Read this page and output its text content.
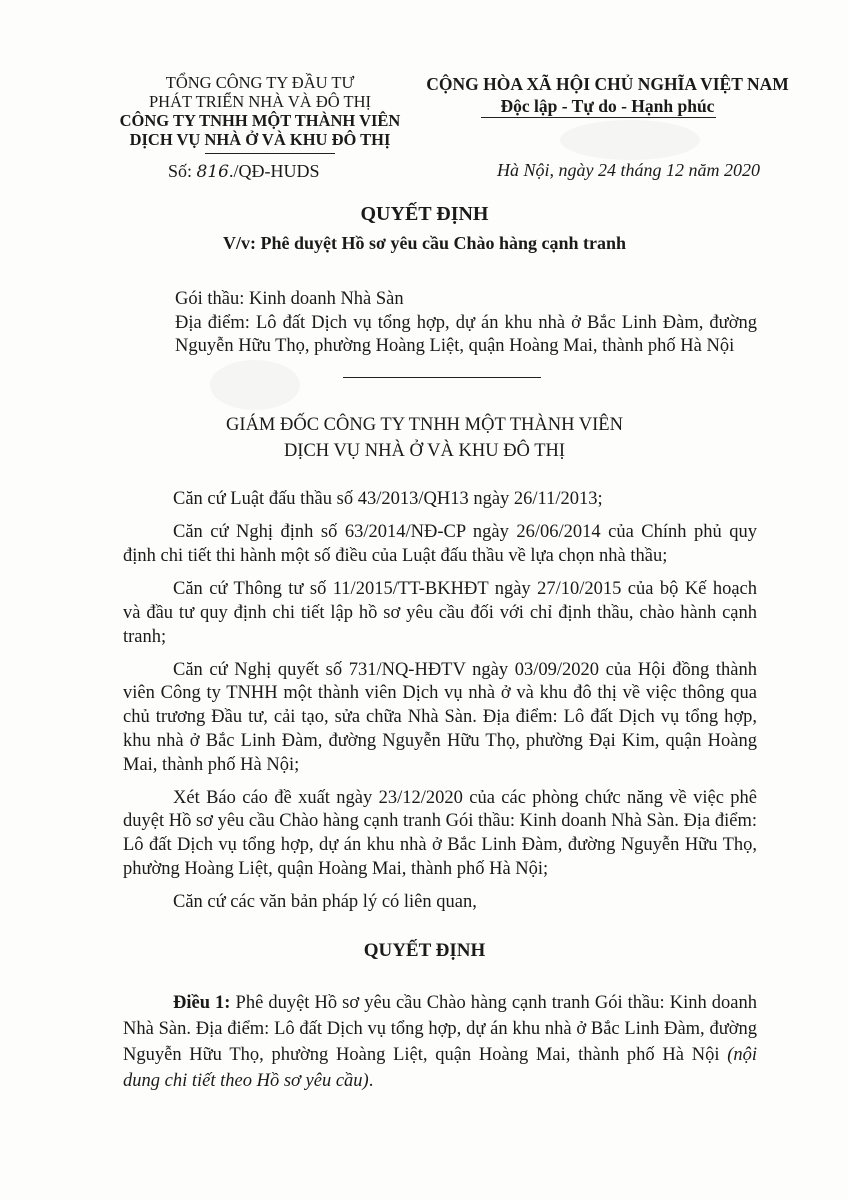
TỔNG CÔNG TY ĐẦU TƯ
PHÁT TRIỂN NHÀ VÀ ĐÔ THỊ
CÔNG TY TNHH MỘT THÀNH VIÊN
DỊCH VỤ NHÀ Ở VÀ KHU ĐÔ THỊ
CỘNG HÒA XÃ HỘI CHỦ NGHĨA VIỆT NAM
Độc lập - Tự do - Hạnh phúc
Số: 816./QĐ-HUDS	Hà Nội, ngày 24 tháng 12 năm 2020
QUYẾT ĐỊNH
V/v: Phê duyệt Hồ sơ yêu cầu Chào hàng cạnh tranh
Gói thầu: Kinh doanh Nhà Sàn
Địa điểm: Lô đất Dịch vụ tổng hợp, dự án khu nhà ở Bắc Linh Đàm, đường Nguyễn Hữu Thọ, phường Hoàng Liệt, quận Hoàng Mai, thành phố Hà Nội
GIÁM ĐỐC CÔNG TY TNHH MỘT THÀNH VIÊN
DỊCH VỤ NHÀ Ở VÀ KHU ĐÔ THỊ

Căn cứ Luật đấu thầu số 43/2013/QH13 ngày 26/11/2013;

Căn cứ Nghị định số 63/2014/NĐ-CP ngày 26/06/2014 của Chính phủ quy định chi tiết thi hành một số điều của Luật đấu thầu về lựa chọn nhà thầu;

Căn cứ Thông tư số 11/2015/TT-BKHĐT ngày 27/10/2015 của bộ Kế hoạch và đầu tư quy định chi tiết lập hồ sơ yêu cầu đối với chỉ định thầu, chào hành cạnh tranh;

Căn cứ Nghị quyết số 731/NQ-HĐTV ngày 03/09/2020 của Hội đồng thành viên Công ty TNHH một thành viên Dịch vụ nhà ở và khu đô thị về việc thông qua chủ trương Đầu tư, cải tạo, sửa chữa Nhà Sàn. Địa điểm: Lô đất Dịch vụ tổng hợp, khu nhà ở Bắc Linh Đàm, đường Nguyễn Hữu Thọ, phường Đại Kim, quận Hoàng Mai, thành phố Hà Nội;

Xét Báo cáo đề xuất ngày 23/12/2020 của các phòng chức năng về việc phê duyệt Hồ sơ yêu cầu Chào hàng cạnh tranh Gói thầu: Kinh doanh Nhà Sàn. Địa điểm: Lô đất Dịch vụ tổng hợp, dự án khu nhà ở Bắc Linh Đàm, đường Nguyễn Hữu Thọ, phường Hoàng Liệt, quận Hoàng Mai, thành phố Hà Nội;

Căn cứ các văn bản pháp lý có liên quan,

QUYẾT ĐỊNH

Điều 1: Phê duyệt Hồ sơ yêu cầu Chào hàng cạnh tranh Gói thầu: Kinh doanh Nhà Sàn. Địa điểm: Lô đất Dịch vụ tổng hợp, dự án khu nhà ở Bắc Linh Đàm, đường Nguyễn Hữu Thọ, phường Hoàng Liệt, quận Hoàng Mai, thành phố Hà Nội (nội dung chi tiết theo Hồ sơ yêu cầu).
